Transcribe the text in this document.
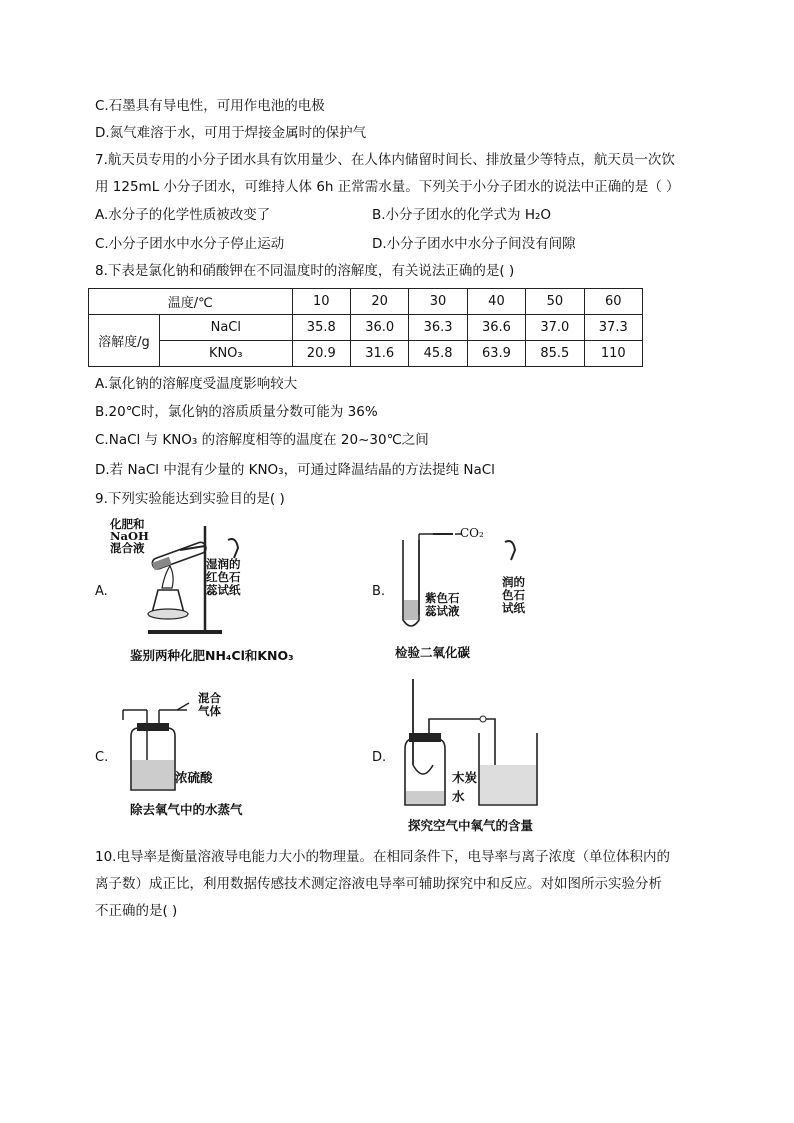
C.石墨具有导电性，可用作电池的电极
D.氮气难溶于水，可用于焊接金属时的保护气
7.航天员专用的小分子团水具有饮用量少、在人体内储留时间长、排放量少等特点，航天员一次饮
用 125mL 小分子团水，可维持人体 6h 正常需水量。下列关于小分子团水的说法中正确的是（ ）
A.水分子的化学性质被改变了	B.小分子团水的化学式为 H₂O
C.小分子团水中水分子停止运动	D.小分子团水中水分子间没有间隙
8.下表是氯化钠和硝酸钾在不同温度时的溶解度，有关说法正确的是( )
温度/℃		10	20	30	40	50	60
溶解度/g	NaCl	35.8	36.0	36.3	36.6	37.0	37.3
	KNO₃	20.9	31.6	45.8	63.9	85.5	110
A.氯化钠的溶解度受温度影响较大
B.20℃时，氯化钠的溶质质量分数可能为 36%
C.NaCl 与 KNO₃ 的溶解度相等的温度在 20~30℃之间
D.若 NaCl 中混有少量的 KNO₃，可通过降温结晶的方法提纯 NaCl
9.下列实验能达到实验目的是( )
A.
化肥和
NaOH
混合液
湿润的
红色石
蕊试纸
鉴别两种化肥NH₄Cl和KNO₃
B.
CO₂
紫色石
蕊试液
润的
色石
试纸
检验二氧化碳
C.
混合
气体
浓硫酸
除去氧气中的水蒸气
D.
木炭
水
探究空气中氧气的含量
10.电导率是衡量溶液导电能力大小的物理量。在相同条件下，电导率与离子浓度（单位体积内的
离子数）成正比，利用数据传感技术测定溶液电导率可辅助探究中和反应。对如图所示实验分析
不正确的是( )
